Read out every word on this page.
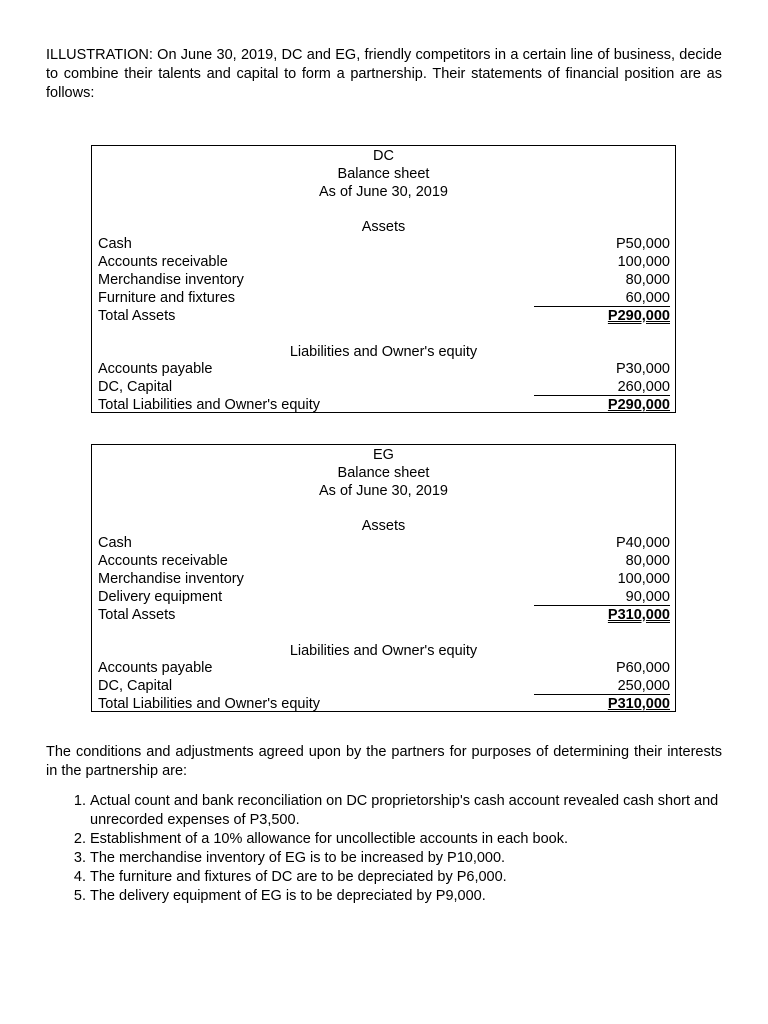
ILLUSTRATION: On June 30, 2019, DC and EG, friendly competitors in a certain line of business, decide to combine their talents and capital to form a partnership. Their statements of financial position are as follows:
DC
Balance sheet
As of June 30, 2019
Assets
Cash	P50,000
Accounts receivable	100,000
Merchandise inventory	80,000
Furniture and fixtures	60,000
Total Assets	P290,000
Liabilities and Owner's equity
Accounts payable	P30,000
DC, Capital	260,000
Total Liabilities and Owner's equity	P290,000
EG
Balance sheet
As of June 30, 2019
Assets
Cash	P40,000
Accounts receivable	80,000
Merchandise inventory	100,000
Delivery equipment	90,000
Total Assets	P310,000
Liabilities and Owner's equity
Accounts payable	P60,000
DC, Capital	250,000
Total Liabilities and Owner's equity	P310,000
The conditions and adjustments agreed upon by the partners for purposes of determining their interests in the partnership are:
1. Actual count and bank reconciliation on DC proprietorship's cash account revealed cash short and unrecorded expenses of P3,500.
2. Establishment of a 10% allowance for uncollectible accounts in each book.
3. The merchandise inventory of EG is to be increased by P10,000.
4. The furniture and fixtures of DC are to be depreciated by P6,000.
5. The delivery equipment of EG is to be depreciated by P9,000.
